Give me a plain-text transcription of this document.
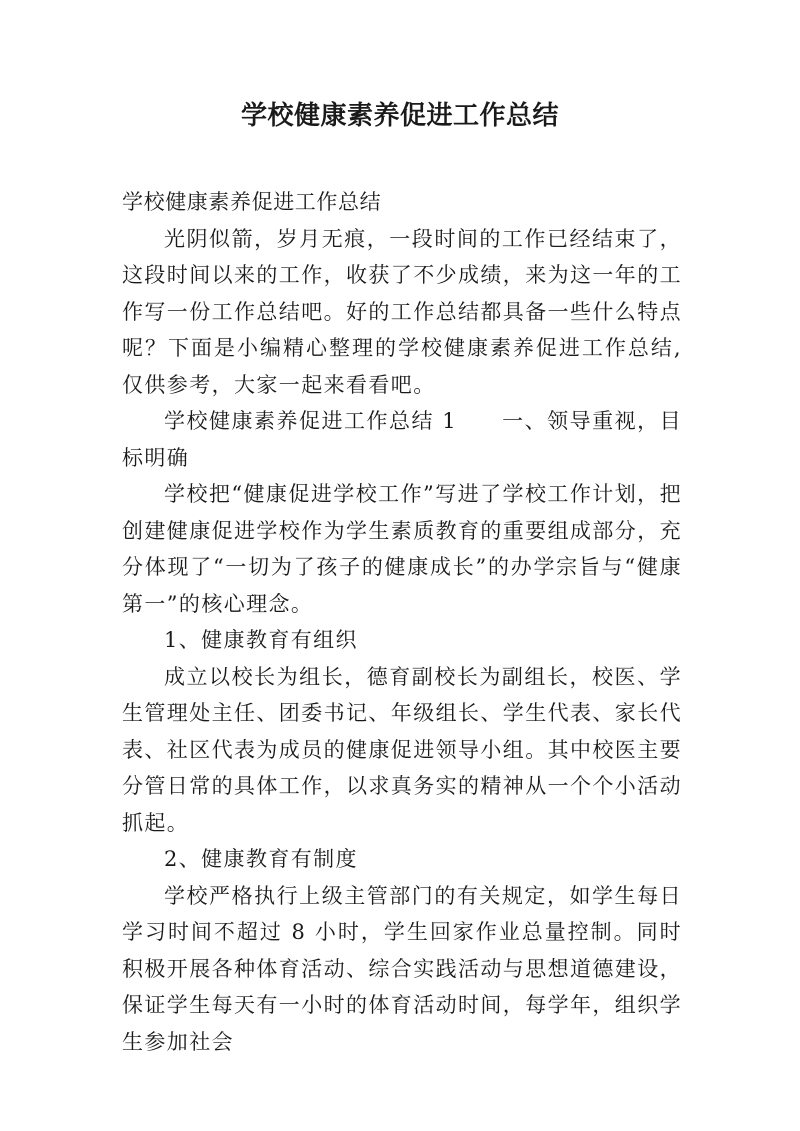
学校健康素养促进工作总结

学校健康素养促进工作总结

光阴似箭，岁月无痕，一段时间的工作已经结束了，这段时间以来的工作，收获了不少成绩，来为这一年的工作写一份工作总结吧。好的工作总结都具备一些什么特点呢？下面是小编精心整理的学校健康素养促进工作总结,仅供参考，大家一起来看看吧。

学校健康素养促进工作总结 1　　一、领导重视，目标明确

学校把“健康促进学校工作”写进了学校工作计划，把创建健康促进学校作为学生素质教育的重要组成部分，充分体现了“一切为了孩子的健康成长”的办学宗旨与“健康第一”的核心理念。

1、健康教育有组织

成立以校长为组长，德育副校长为副组长，校医、学生管理处主任、团委书记、年级组长、学生代表、家长代表、社区代表为成员的健康促进领导小组。其中校医主要分管日常的具体工作，以求真务实的精神从一个个小活动抓起。

2、健康教育有制度

学校严格执行上级主管部门的有关规定，如学生每日学习时间不超过 8 小时，学生回家作业总量控制。同时积极开展各种体育活动、综合实践活动与思想道德建设，保证学生每天有一小时的体育活动时间，每学年，组织学生参加社会
